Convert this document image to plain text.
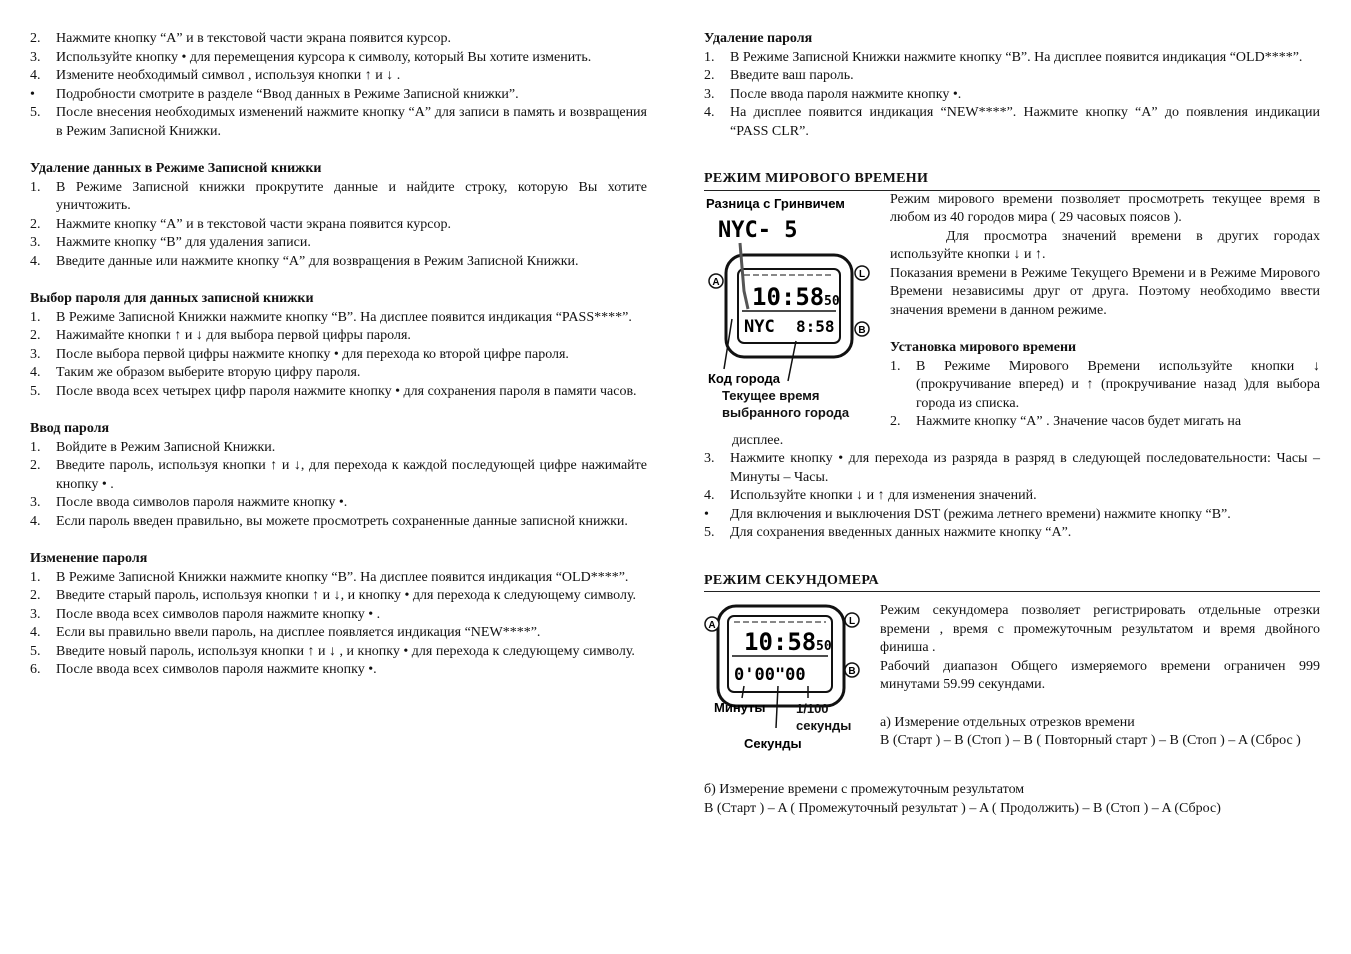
2.	Нажмите кнопку “A” и в текстовой части экрана появится курсор.
3.	Используйте кнопку • для перемещения курсора к символу, который Вы хотите изменить.
4.	Измените необходимый символ , используя кнопки ↑ и ↓ .
•	Подробности смотрите в разделе “Ввод данных в Режиме Записной книжки”.
5.	После внесения необходимых изменений нажмите кнопку “A” для записи в память и возвращения в Режим Записной Книжки.

Удаление данных в Режиме Записной книжки

1.	В Режиме Записной книжки прокрутите данные и найдите строку, которую Вы хотите уничтожить.
2.	Нажмите кнопку “A” и в текстовой части экрана появится курсор.
3.	Нажмите кнопку “B” для удаления записи.
4.	Введите данные или нажмите кнопку “A” для возвращения в Режим Записной Книжки.

Выбор пароля для данных записной книжки

1.	В Режиме Записной Книжки нажмите кнопку “B”. На дисплее появится индикация “PASS****”.
2.	Нажимайте кнопки ↑ и ↓ для выбора первой цифры пароля.
3.	После выбора первой цифры нажмите кнопку • для перехода ко второй цифре пароля.
4.	Таким же образом выберите вторую цифру пароля.
5.	После ввода всех четырех цифр пароля нажмите кнопку • для сохранения пароля в памяти часов.

Ввод пароля

1.	Войдите в Режим Записной Книжки.
2.	Введите пароль, используя кнопки ↑ и ↓, для перехода к каждой последующей цифре нажимайте кнопку • .
3.	После ввода символов пароля нажмите кнопку •.
4.	Если пароль введен правильно, вы можете просмотреть сохраненные данные записной книжки.

Изменение пароля

1.	В Режиме Записной Книжки нажмите кнопку “B”. На дисплее появится индикация “OLD****”.
2.	Введите старый пароль, используя кнопки ↑ и ↓, и кнопку • для перехода к следующему символу.
3.	После ввода всех символов пароля нажмите кнопку • .
4.	Если вы правильно ввели пароль, на дисплее появляется индикация “NEW****”.
5.	Введите новый пароль, используя кнопки ↑ и ↓ , и кнопку • для перехода к следующему символу.
6.	После ввода всех символов пароля нажмите кнопку •.

Удаление пароля

1.	В Режиме Записной Книжки нажмите кнопку “B”. На дисплее появится индикация “OLD****”.
2.	Введите ваш пароль.
3.	После ввода пароля нажмите кнопку •.
4.	На дисплее появится индикация “NEW****”. Нажмите кнопку “A” до появления индикации “PASS CLR”.

РЕЖИМ МИРОВОГО ВРЕМЕНИ

Разница с Гринвичем
NYC- 5
10:58 50
NYC 8:58
A
L
B
Код города
Текущее время выбранного города

Режим мирового времени позволяет просмотреть текущее время в любом из 40 городов мира ( 29 часовых поясов ).

Для просмотра значений времени в других городах используйте кнопки ↓ и ↑.

Показания времени в Режиме Текущего Времени и в Режиме Мирового Времени независимы друг от друга. Поэтому необходимо ввести значения времени в данном режиме.

Установка мирового времени

1.	В Режиме Мирового Времени используйте кнопки ↓ (прокручивание вперед) и ↑ (прокручивание назад )для выбора города из списка.
2.	Нажмите кнопку “A” . Значение часов будет мигать на

дисплее.

3.	Нажмите кнопку • для перехода из разряда в разряд в следующей последовательности: Часы – Минуты – Часы.
4.	Используйте кнопки ↓ и ↑ для изменения значений.
•	Для включения и выключения DST (режима летнего времени) нажмите кнопку “B”.
5.	Для сохранения введенных данных нажмите кнопку “A”.

РЕЖИМ СЕКУНДОМЕРА

10:58 50
0'00"00
A	L
B
Минуты 1/100 секунды
Секунды

Режим секундомера позволяет регистрировать отдельные отрезки времени , время с промежуточным результатом и время двойного финиша .

Рабочий диапазон Общего измеряемого времени ограничен 999 минутами 59.99 секундами.

а) Измерение отдельных отрезков времени

B (Старт ) – B (Стоп ) – B ( Повторный старт ) – B (Стоп ) – A (Сброс )

б) Измерение времени с промежуточным результатом

B (Старт ) – A ( Промежуточный результат ) – A ( Продолжить) – B (Стоп ) – A (Сброс)
